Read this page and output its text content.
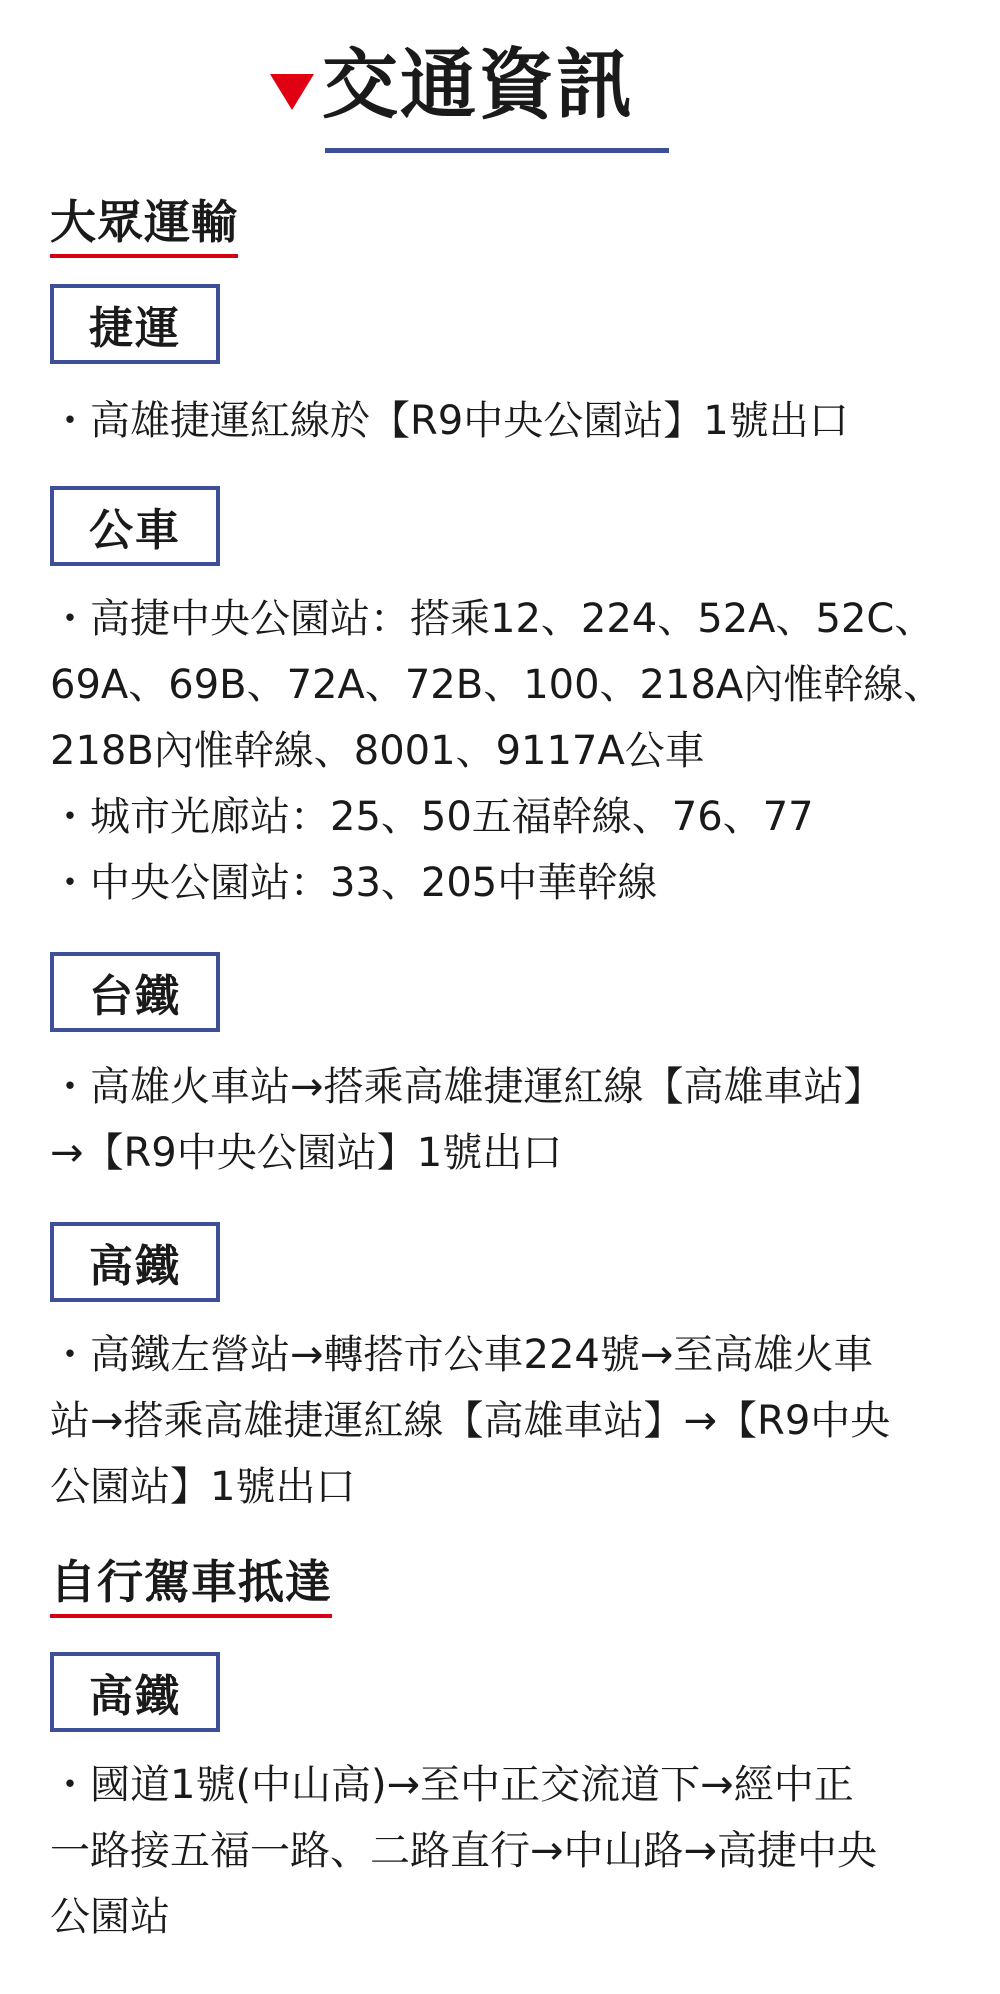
交通資訊
大眾運輸
捷運
・高雄捷運紅線於【R9中央公園站】1號出口
公車
・高捷中央公園站：搭乘12、224、52A、52C、
69A、69B、72A、72B、100、218A內惟幹線、
218B內惟幹線、8001、9117A公車
・城市光廊站：25、50五福幹線、76、77
・中央公園站：33、205中華幹線
台鐵
・高雄火車站→搭乘高雄捷運紅線【高雄車站】
→【R9中央公園站】1號出口
高鐵
・高鐵左營站→轉搭市公車224號→至高雄火車
站→搭乘高雄捷運紅線【高雄車站】→【R9中央
公園站】1號出口
自行駕車抵達
高鐵
・國道1號(中山高)→至中正交流道下→經中正
一路接五福一路、二路直行→中山路→高捷中央
公園站
